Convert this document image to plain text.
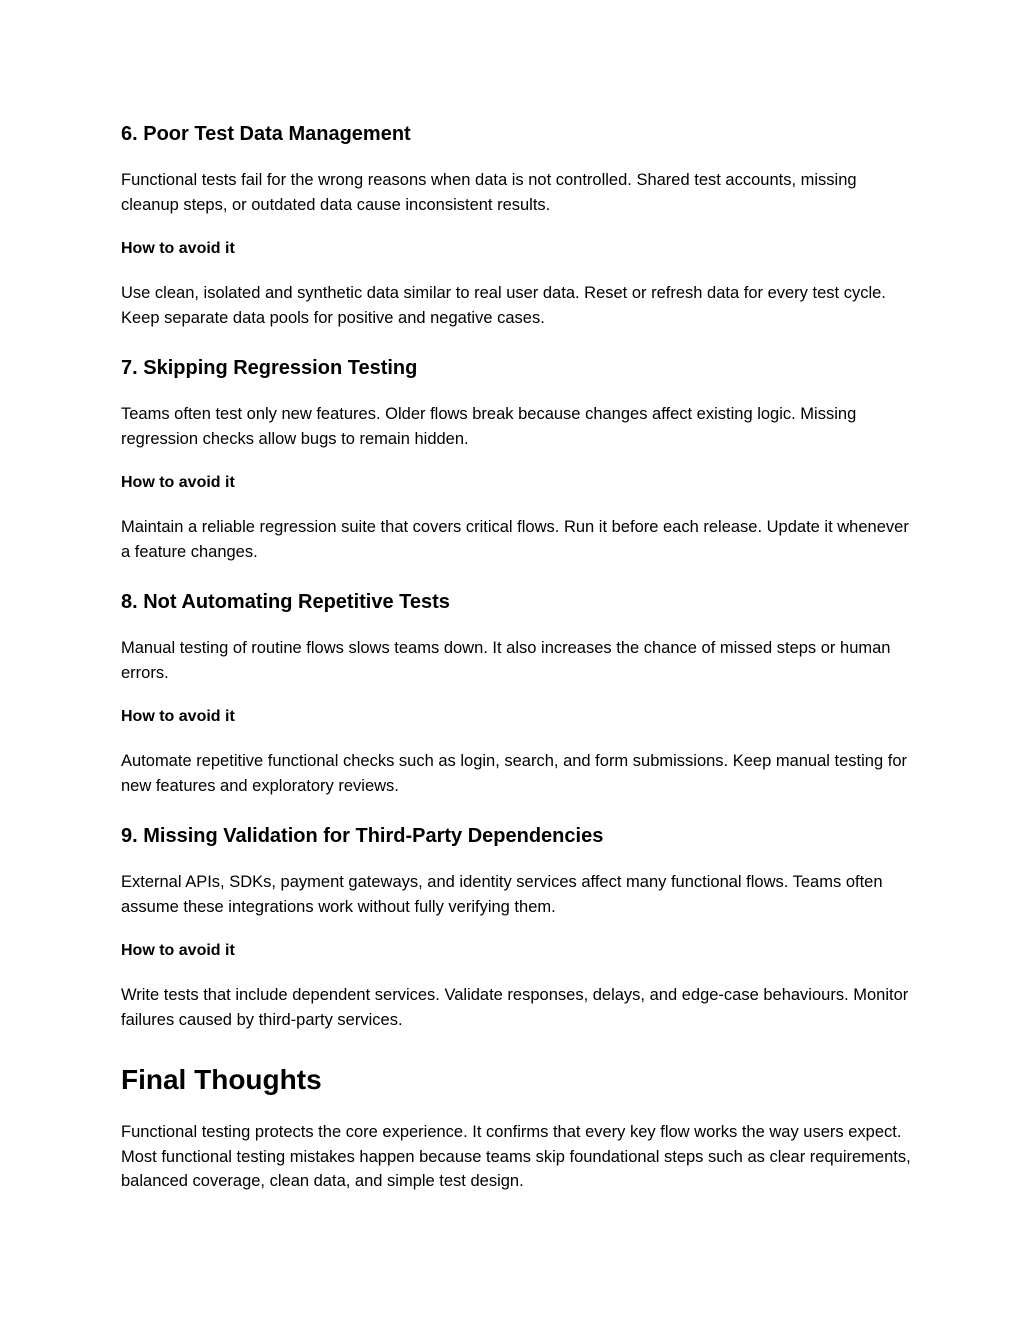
6. Poor Test Data Management

Functional tests fail for the wrong reasons when data is not controlled. Shared test accounts, missing cleanup steps, or outdated data cause inconsistent results.

How to avoid it

Use clean, isolated and synthetic data similar to real user data. Reset or refresh data for every test cycle. Keep separate data pools for positive and negative cases.

7. Skipping Regression Testing

Teams often test only new features. Older flows break because changes affect existing logic. Missing regression checks allow bugs to remain hidden.

How to avoid it

Maintain a reliable regression suite that covers critical flows. Run it before each release. Update it whenever a feature changes.

8. Not Automating Repetitive Tests

Manual testing of routine flows slows teams down. It also increases the chance of missed steps or human errors.

How to avoid it

Automate repetitive functional checks such as login, search, and form submissions. Keep manual testing for new features and exploratory reviews.

9. Missing Validation for Third-Party Dependencies

External APIs, SDKs, payment gateways, and identity services affect many functional flows. Teams often assume these integrations work without fully verifying them.

How to avoid it

Write tests that include dependent services. Validate responses, delays, and edge-case behaviours. Monitor failures caused by third-party services.

Final Thoughts

Functional testing protects the core experience. It confirms that every key flow works the way users expect. Most functional testing mistakes happen because teams skip foundational steps such as clear requirements, balanced coverage, clean data, and simple test design.
